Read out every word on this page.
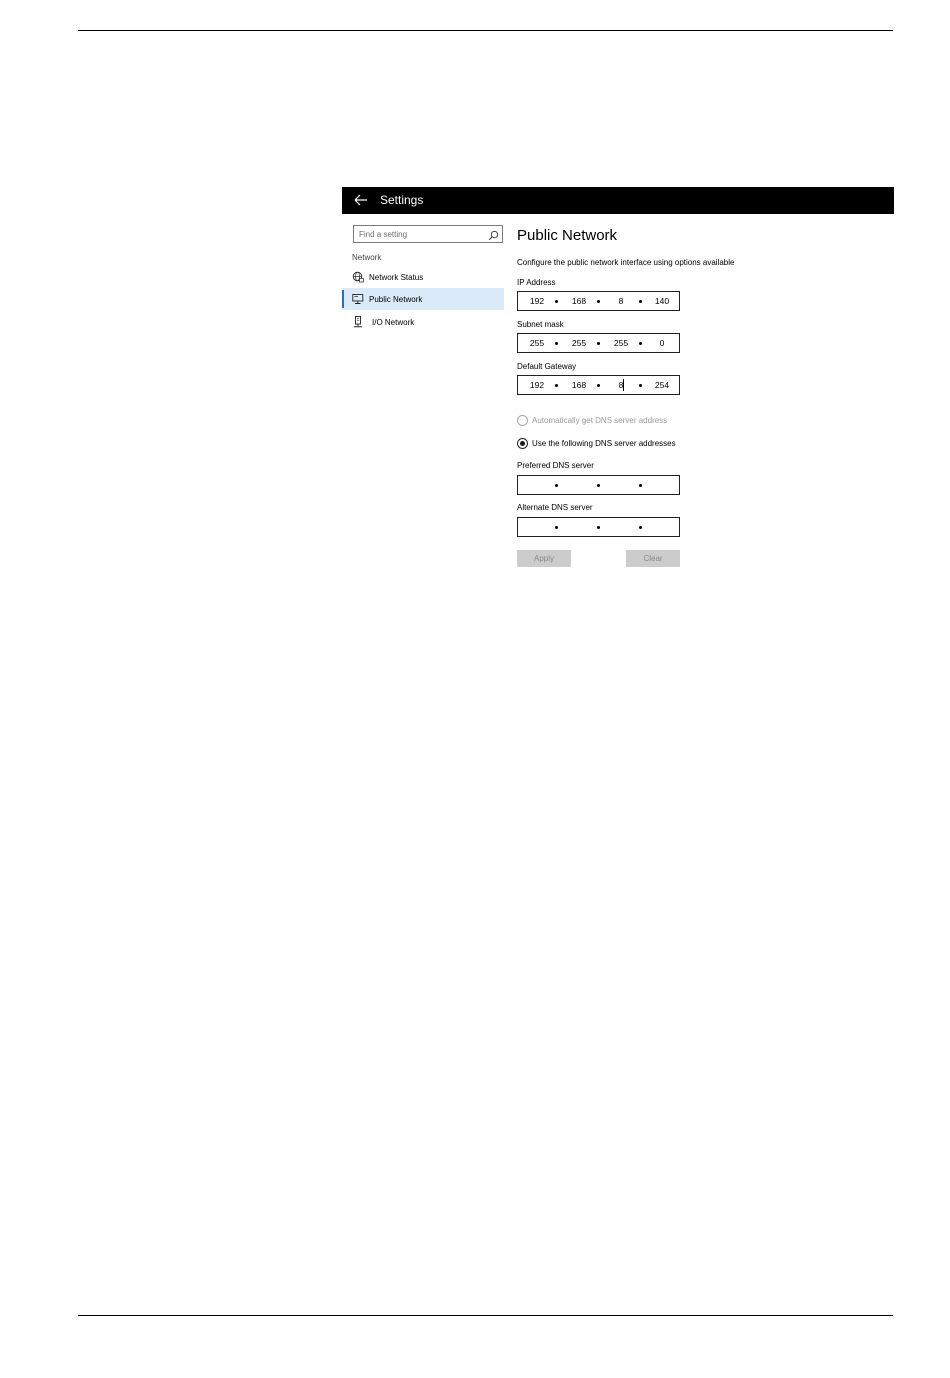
Settings
Find a setting
Network
Network Status
Public Network
I/O Network
Public Network
Configure the public network interface using options available
IP Address
192	168	8	140
Subnet mask
255	255	255	0
Default Gateway
192	168	8	254
Automatically get DNS server address
Use the following DNS server addresses
Preferred DNS server
Alternate DNS server
Apply	Clear
